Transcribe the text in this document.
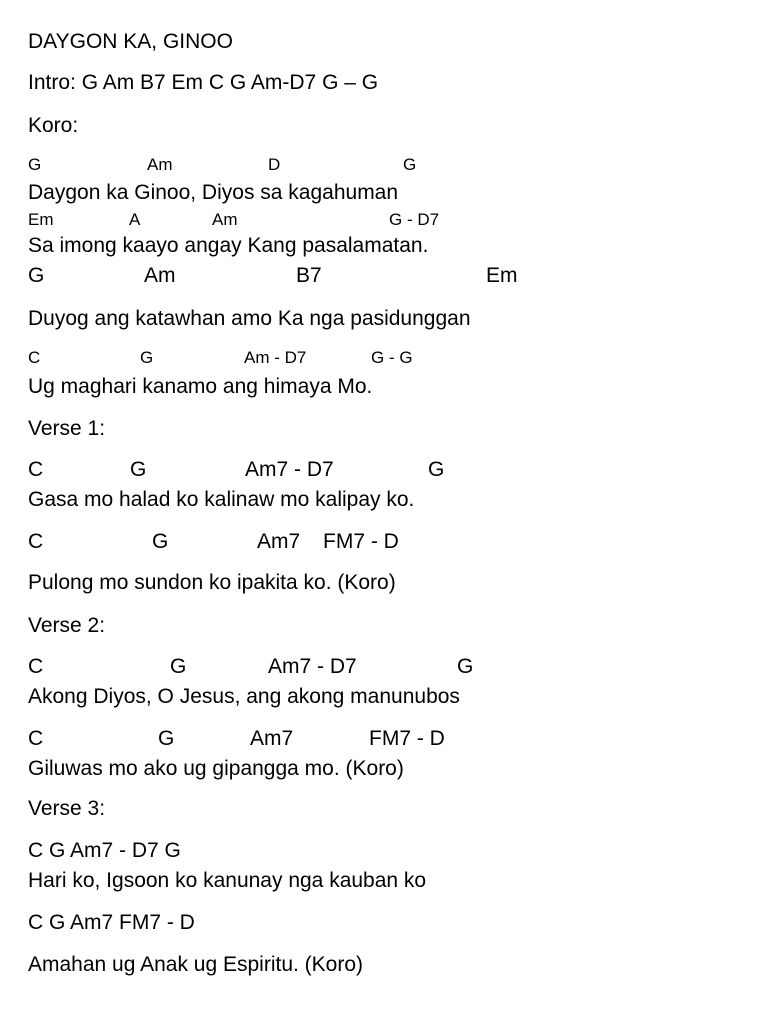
DAYGON KA, GINOO
Intro: G Am B7 Em C G Am-D7 G – G
Koro:
G	Am	D	G
Daygon ka Ginoo, Diyos sa kagahuman
Em	A	Am	G - D7
Sa imong kaayo angay Kang pasalamatan.
G	Am	B7	Em
Duyog ang katawhan amo Ka nga pasidunggan
C	G	Am - D7	G - G
Ug maghari kanamo ang himaya Mo.
Verse 1:
C	G	Am7 - D7	G
Gasa mo halad ko kalinaw mo kalipay ko.
C	G	Am7 FM7 - D
Pulong mo sundon ko ipakita ko. (Koro)
Verse 2:
C	G	Am7 - D7	G
Akong Diyos, O Jesus, ang akong manunubos
C	G	Am7	FM7 - D
Giluwas mo ako ug gipangga mo. (Koro)
Verse 3:
C G Am7 - D7 G
Hari ko, Igsoon ko kanunay nga kauban ko
C G Am7 FM7 - D
Amahan ug Anak ug Espiritu. (Koro)
